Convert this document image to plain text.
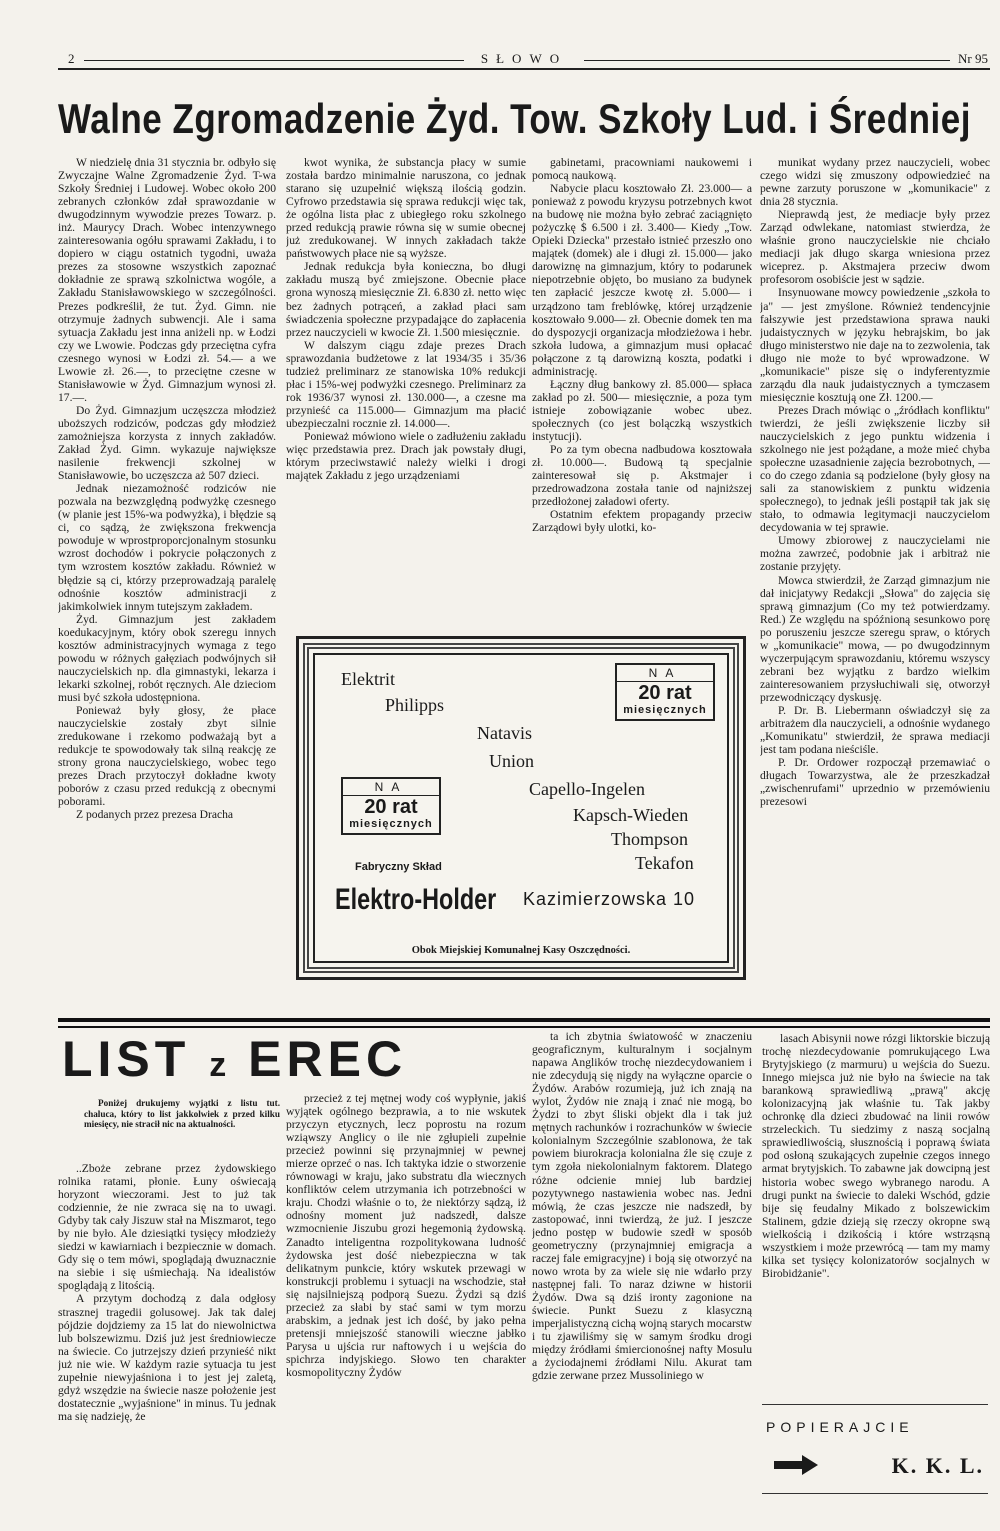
2	SŁOWO	Nr 95
Walne Zgromadzenie Żyd. Tow. Szkoły Lud. i Średniej

W niedzielę dnia 31 stycznia br. odbyło się Zwyczajne Walne Zgromadzenie Żyd. T-wa Szkoły Średniej i Ludowej. Wobec około 200 zebranych członków zdał sprawozdanie w dwugodzinnym wywodzie prezes Towarz. p. inż. Maurycy Drach. Wobec intenzywnego zainteresowania ogółu sprawami Zakładu, i to dopiero w ciągu ostatnich tygodni, uważa prezes za stosowne wszystkich zapoznać dokładnie ze sprawą szkolnictwa wogóle, a Zakładu Stanisławowskiego w szczególności. Prezes podkreślił, że tut. Żyd. Gimn. nie otrzymuje żadnych subwencji. Ale i sama sytuacja Zakładu jest inna aniżeli np. w Łodzi czy we Lwowie. Podczas gdy przeciętna cyfra czesnego wynosi w Łodzi zł. 54.— a we Lwowie zł. 26.—, to przeciętne czesne w Stanisławowie w Żyd. Gimnazjum wynosi zł. 17.—.

Do Żyd. Gimnazjum uczęszcza młodzież uboższych rodziców, podczas gdy młodzież zamożniejsza korzysta z innych zakładów. Zakład Żyd. Gimn. wykazuje największe nasilenie frekwencji szkolnej w Stanisławowie, bo uczęszcza aż 507 dzieci.

Jednak niezamożność rodziców nie pozwala na bezwzględną podwyżkę czesnego (w planie jest 15%-wa podwyżka), i błędzie są ci, co sądzą, że zwiększona frekwencja powoduje w wprostproporcjonalnym stosunku wzrost dochodów i pokrycie połączonych z tym wzrostem kosztów zakładu. Również w błędzie są ci, którzy przeprowadzają paralelę odnośnie kosztów administracji z jakimkolwiek innym tutejszym zakładem.

Żyd. Gimnazjum jest zakładem koedukacyjnym, który obok szeregu innych kosztów administracyjnych wymaga z tego powodu w różnych gałęziach podwójnych sił nauczycielskich np. dla gimnastyki, lekarza i lekarki szkolnej, robót ręcznych. Ale dzieciom musi być szkoła udostępniona.

Ponieważ były głosy, że płace nauczycielskie zostały zbyt silnie zredukowane i rzekomo podważają byt a redukcje te spowodowały tak silną reakcję ze strony grona nauczycielskiego, wobec tego prezes Drach przytoczył dokładne kwoty poborów z czasu przed redukcją z obecnymi poborami.

Z podanych przez prezesa Dracha

kwot wynika, że substancja płacy w sumie została bardzo minimalnie naruszona, co jednak starano się uzupełnić większą ilością godzin. Cyfrowo przedstawia się sprawa redukcji więc tak, że ogólna lista płac z ubiegłego roku szkolnego przed redukcją prawie równa się w sumie obecnej już zredukowanej. W innych zakładach także państwowych płace nie są wyższe.

Jednak redukcja była konieczna, bo długi zakładu muszą być zmiejszone. Obecnie płace grona wynoszą miesięcznie Zł. 6.830 zł. netto więc bez żadnych potrąceń, a zakład płaci sam świadczenia społeczne przypadające do zapłacenia przez nauczycieli w kwocie Zł. 1.500 miesięcznie.

W dalszym ciągu zdaje prezes Drach sprawozdania budżetowe z lat 1934/35 i 35/36 tudzież preliminarz ze stanowiska 10% redukcji płac i 15%-wej podwyżki czesnego. Preliminarz za rok 1936/37 wynosi zł. 130.000—, a czesne ma przynieść ca 115.000— Gimnazjum ma płacić ubezpieczalni rocznie zł. 14.000—.

Ponieważ mówiono wiele o zadłużeniu zakładu więc przedstawia prez. Drach jak powstały długi, którym przeciwstawić należy wielki i drogi majątek Zakładu z jego urządzeniami

gabinetami, pracowniami naukowemi i pomocą naukową.

Nabycie placu kosztowało Zł. 23.000— a ponieważ z powodu kryzysu potrzebnych kwot na budowę nie można było zebrać zaciągnięto pożyczkę $ 6.500 i zł. 3.400— Kiedy „Tow. Opieki Dziecka" przestało istnieć przeszło ono majątek (domek) ale i długi zł. 15.000— jako darowiznę na gimnazjum, który to podarunek niepotrzebnie objęto, bo musiano za budynek ten zapłacić jeszcze kwotę zł. 5.000— i urządzono tam freblówkę, której urządzenie kosztowało 9.000— zł. Obecnie domek ten ma do dyspozycji organizacja młodzieżowa i hebr. szkoła ludowa, a gimnazjum musi opłacać połączone z tą darowizną koszta, podatki i administrację.

Łączny dług bankowy zł. 85.000— spłaca zakład po zł. 500— miesięcznie, a poza tym istnieje zobowiązanie wobec ubez. społecznych (co jest bolączką wszystkich instytucji).

Po za tym obecna nadbudowa kosztowała zł. 10.000—. Budową tą specjalnie zainteresował się p. Akstmajer i przedrowadzona została tanie od najniższej przedłożonej załadowi oferty.

Ostatnim efektem propagandy przeciw Zarządowi były ulotki, ko-

munikat wydany przez nauczycieli, wobec czego widzi się zmuszony odpowiedzieć na pewne zarzuty poruszone w „komunikacie" z dnia 28 stycznia.

Nieprawdą jest, że mediacje były przez Zarząd odwlekane, natomiast stwierdza, że właśnie grono nauczycielskie nie chciało mediacji jak długo skarga wniesiona przez wiceprez. p. Akstmajera przeciw dwom profesorom osobiście jest w sądzie.

Insynuowane mowcy powiedzenie „szkoła to ja" — jest zmyślone. Również tendencyjnie fałszywie jest przedstawiona sprawa nauki judaistycznych w języku hebrajskim, bo jak długo ministerstwo nie daje na to zezwolenia, tak długo nie może to być wprowadzone. W „komunikacie" pisze się o indyferentyzmie zarządu dla nauk judaistycznych a tymczasem miesięcznie kosztują one Zł. 1200.—

Prezes Drach mówiąc o „źródłach konfliktu" twierdzi, że jeśli zwiększenie liczby sił nauczycielskich z jego punktu widzenia i szkolnego nie jest pożądane, a może mieć chyba społeczne uzasadnienie zajęcia bezrobotnych, — co do czego zdania są podzielone (były głosy na sali za stanowiskiem z punktu widzenia społecznego), to jednak jeśli postąpił tak jak się stało, to odmawia legitymacji nauczycielom decydowania w tej sprawie.

Umowy zbiorowej z nauczycielami nie można zawrzeć, podobnie jak i arbitraż nie zostanie przyjęty.

Mowca stwierdził, że Zarząd gimnazjum nie dał inicjatywy Redakcji „Słowa" do zajęcia się sprawą gimnazjum (Co my też potwierdzamy. Red.) Ze względu na spóźnioną sesunkowo porę po poruszeniu jeszcze szeregu spraw, o których w „komunikacie" mowa, — po dwugodzinnym wyczerpującym sprawozdaniu, któremu wszyscy zebrani bez wyjątku z bardzo wielkim zainteresowaniem przysłuchiwali się, otworzył przewodniczący dyskusję.

P. Dr. B. Liebermann oświadczył się za arbitrażem dla nauczycieli, a odnośnie wydanego „Komunikatu" stwierdził, że sprawa mediacji jest tam podana nieściśle.

P. Dr. Ordower rozpoczął przemawiać o długach Towarzystwa, ale że przeszkadzał „zwischenrufami" uprzednio w przemówieniu prezesowi

Elektrit
Philipps
Natavis
Union
Capello-Ingelen
Kapsch-Wieden
Thompson
Tekafon
NA
20 rat
miesięcznych
NA
20 rat
miesięcznych
Fabryczny Skład
Elektro-Holder Kazimierzowska 10
Obok Miejskiej Komunalnej Kasy Oszczędności.
LIST z EREC

Poniżej drukujemy wyjątki z listu tut. chaluca, który to list jakkolwiek z przed kilku miesięcy, nie stracił nic na aktualności.

..Zboże zebrane przez żydowskiego rolnika ratami, płonie. Łuny oświecają horyzont wieczorami. Jest to już tak codziennie, że nie zwraca się na to uwagi. Gdyby tak cały Jiszuw stał na Miszmarot, tego by nie było. Ale dziesiątki tysięcy młodzieży siedzi w kawiarniach i bezpiecznie w domach. Gdy się o tem mówi, spoglądają dwuznacznie na siebie i się uśmiechają. Na idealistów spoglądają z litością.

A przytym dochodzą z dala odgłosy strasznej tragedii golusowej. Jak tak dalej pójdzie dojdziemy za 15 lat do niewolnictwa lub bolszewizmu. Dziś już jest średniowiecze na świecie. Co jutrzejszy dzień przynieść nikt już nie wie. W każdym razie sytuacja tu jest zupełnie niewyjaśniona i to jest jej zaletą, gdyż wszędzie na świecie nasze położenie jest dostatecznie „wyjaśnione" in minus. Tu jednak ma się nadzieję, że

przecież z tej mętnej wody coś wypłynie, jakiś wyjątek ogólnego bezprawia, a to nie wskutek przyczyn etycznych, lecz poprostu na rozum wziąwszy Anglicy o ile nie zgłupieli zupełnie przecież powinni się przynajmniej w pewnej mierze oprzeć o nas. Ich taktyka idzie o stworzenie równowagi w kraju, jako substratu dla wiecznych konfliktów celem utrzymania ich potrzebności w kraju. Chodzi właśnie o to, że niektórzy sądzą, iż odnośny moment już nadszedł, dalsze wzmocnienie Jiszubu grozi hegemonią żydowską. Zanadto inteligentna rozpolitykowana ludność żydowska jest dość niebezpieczna w tak delikatnym punkcie, który wskutek przewagi w konstrukcji problemu i sytuacji na wschodzie, stał się najsilniejszą podporą Suezu. Żydzi są dziś przecież za słabi by stać sami w tym morzu arabskim, a jednak jest ich dość, by jako pełna pretensji mniejszość stanowili wieczne jabłko Parysa u ujścia rur naftowych i u wejścia do spichrza indyjskiego. Słowo ten charakter kosmopolityczny Żydów

ta ich zbytnia światowość w znaczeniu geograficznym, kulturalnym i socjalnym napawa Anglików trochę niezdecydowaniem i nie zdecydują się nigdy na wyłączne oparcie o Żydów. Arabów rozumieją, już ich znają na wylot, Żydów nie znają i znać nie mogą, bo Żydzi to zbyt śliski objekt dla i tak już mętnych rachunków i rozrachunków w świecie kolonialnym Szczególnie szablonowa, że tak powiem biurokracja kolonialna źle się czuje z tym zgoła niekolonialnym faktorem. Dlatego różne odcienie mniej lub bardziej pozytywnego nastawienia wobec nas. Jedni mówią, że czas jeszcze nie nadszedł, by zastopować, inni twierdzą, że już. I jeszcze jedno postęp w budowie szedł w sposób geometryczny (przynajmniej emigracja a raczej fale emigracyjne) i boją się otworzyć na nowo wrota by za wiele się nie wdarło przy następnej fali. To naraz dziwne w historii Żydów. Dwa są dziś ironty zagonione na świecie. Punkt Suezu z klasyczną imperjalistyczną cichą wojną starych mocarstw i tu zjawiliśmy się w samym środku drogi między źródłami śmiercionośnej nafty Mosulu a życiodajnemi źródłami Nilu. Akurat tam gdzie zerwane przez Mussoliniego w

lasach Abisynii nowe rózgi liktorskie biczują trochę niezdecydowanie pomrukującego Lwa Brytyjskiego (z marmuru) u wejścia do Suezu. Innego miejsca już nie było na świecie na tak barankową sprawiedliwą „prawą" akcję kolonizacyjną jak właśnie tu. Tak jakby ochronkę dla dzieci zbudować na linii rowów strzeleckich. Tu siedzimy z naszą socjalną sprawiedliwością, słusznością i poprawą świata pod osłoną szukających zupełnie czegos innego armat brytyjskich. To zabawne jak dowcipną jest historia wobec swego wybranego narodu. A drugi punkt na świecie to daleki Wschód, gdzie bije się feudalny Mikado z bolszewickim Stalinem, gdzie dzieją się rzeczy okropne swą wielkością i dzikością i które wstrząsną wszystkiem i może przewrócą — tam my mamy kilka set tysięcy kolonizatorów socjalnych w Birobidżanie".

POPIERAJCIE
K. K. L.
